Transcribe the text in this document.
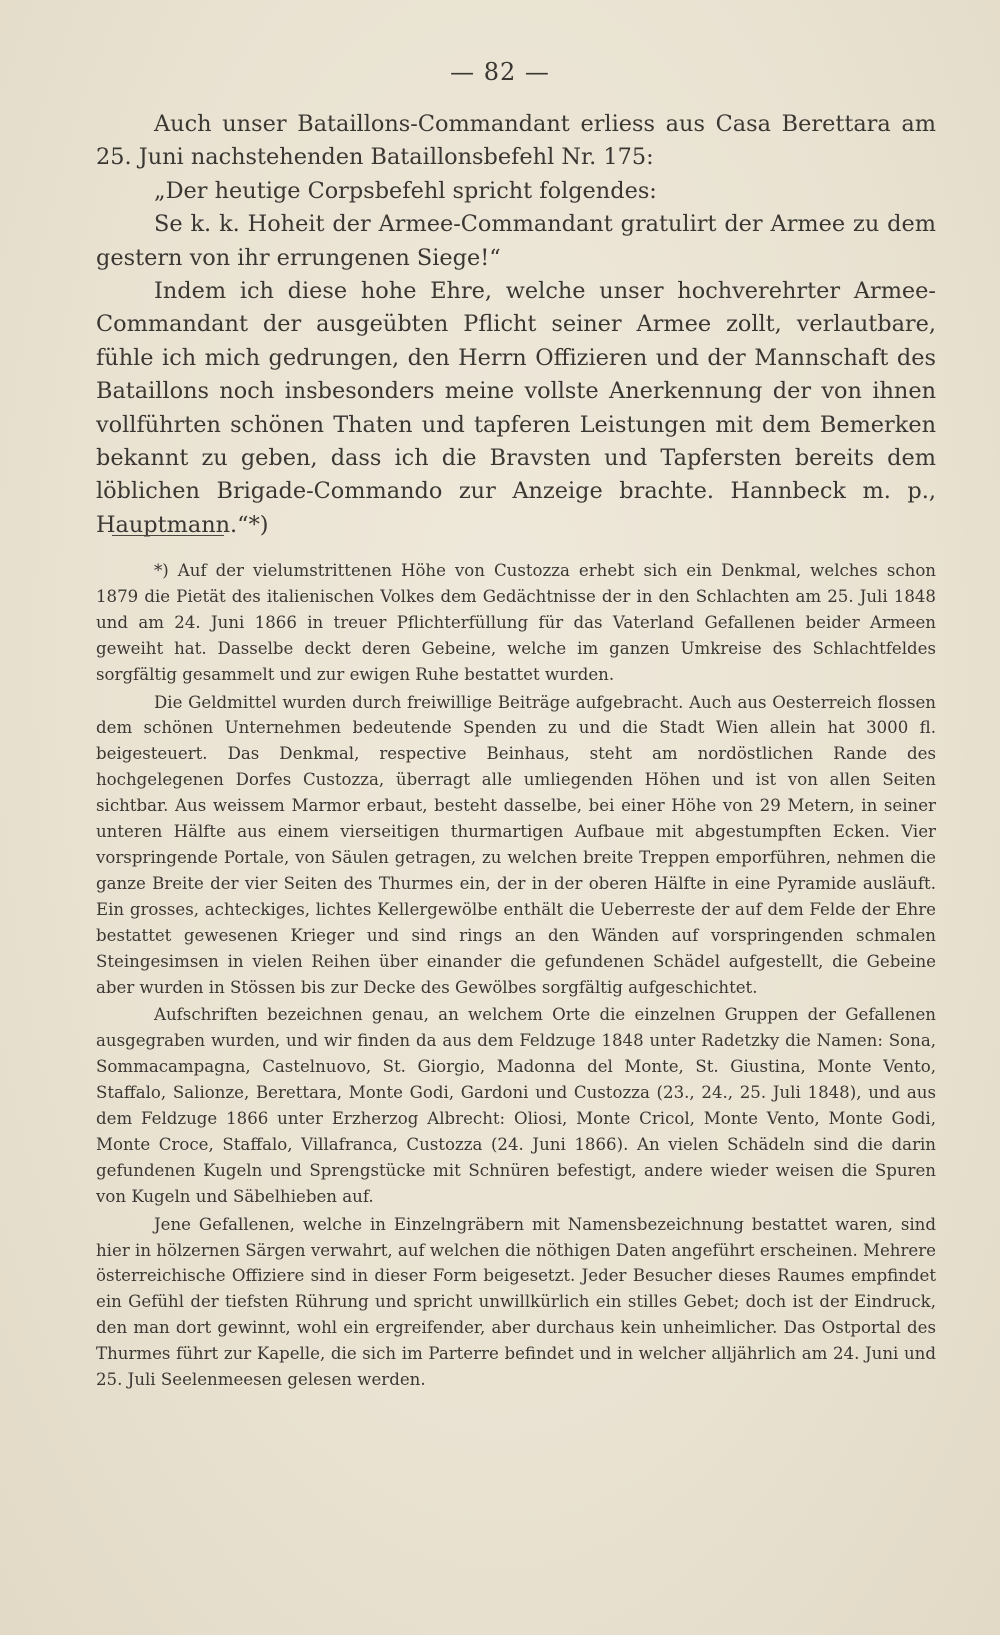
— 82 —

Auch unser Bataillons-Commandant erliess aus Casa Berettara am 25. Juni nachstehenden Bataillonsbefehl Nr. 175:

„Der heutige Corpsbefehl spricht folgendes:

Se k. k. Hoheit der Armee-Commandant gratulirt der Armee zu dem gestern von ihr errungenen Siege!“

Indem ich diese hohe Ehre, welche unser hochverehrter Armee-Commandant der ausgeübten Pflicht seiner Armee zollt, verlautbare, fühle ich mich gedrungen, den Herrn Offizieren und der Mannschaft des Bataillons noch insbesonders meine vollste Anerkennung der von ihnen vollführten schönen Thaten und tapferen Leistungen mit dem Bemerken bekannt zu geben, dass ich die Bravsten und Tapfersten bereits dem löblichen Brigade-Commando zur Anzeige brachte. Hannbeck m. p., Hauptmann.“*)

*) Auf der vielumstrittenen Höhe von Custozza erhebt sich ein Denkmal, welches schon 1879 die Pietät des italienischen Volkes dem Gedächtnisse der in den Schlachten am 25. Juli 1848 und am 24. Juni 1866 in treuer Pflichterfüllung für das Vaterland Gefallenen beider Armeen geweiht hat. Dasselbe deckt deren Gebeine, welche im ganzen Umkreise des Schlachtfeldes sorgfältig gesammelt und zur ewigen Ruhe bestattet wurden.

Die Geldmittel wurden durch freiwillige Beiträge aufgebracht. Auch aus Oesterreich flossen dem schönen Unternehmen bedeutende Spenden zu und die Stadt Wien allein hat 3000 fl. beigesteuert. Das Denkmal, respective Beinhaus, steht am nordöstlichen Rande des hochgelegenen Dorfes Custozza, überragt alle umliegenden Höhen und ist von allen Seiten sichtbar. Aus weissem Marmor erbaut, besteht dasselbe, bei einer Höhe von 29 Metern, in seiner unteren Hälfte aus einem vierseitigen thurmartigen Aufbaue mit abgestumpften Ecken. Vier vorspringende Portale, von Säulen getragen, zu welchen breite Treppen emporführen, nehmen die ganze Breite der vier Seiten des Thurmes ein, der in der oberen Hälfte in eine Pyramide ausläuft. Ein grosses, achteckiges, lichtes Kellergewölbe enthält die Ueberreste der auf dem Felde der Ehre bestattet gewesenen Krieger und sind rings an den Wänden auf vorspringenden schmalen Steingesimsen in vielen Reihen über einander die gefundenen Schädel aufgestellt, die Gebeine aber wurden in Stössen bis zur Decke des Gewölbes sorgfältig aufgeschichtet.

Aufschriften bezeichnen genau, an welchem Orte die einzelnen Gruppen der Gefallenen ausgegraben wurden, und wir finden da aus dem Feldzuge 1848 unter Radetzky die Namen: Sona, Sommacampagna, Castelnuovo, St. Giorgio, Madonna del Monte, St. Giustina, Monte Vento, Staffalo, Salionze, Berettara, Monte Godi, Gardoni und Custozza (23., 24., 25. Juli 1848), und aus dem Feldzuge 1866 unter Erzherzog Albrecht: Oliosi, Monte Cricol, Monte Vento, Monte Godi, Monte Croce, Staffalo, Villafranca, Custozza (24. Juni 1866). An vielen Schädeln sind die darin gefundenen Kugeln und Sprengstücke mit Schnüren befestigt, andere wieder weisen die Spuren von Kugeln und Säbelhieben auf.

Jene Gefallenen, welche in Einzelngräbern mit Namensbezeichnung bestattet waren, sind hier in hölzernen Särgen verwahrt, auf welchen die nöthigen Daten angeführt erscheinen. Mehrere österreichische Offiziere sind in dieser Form beigesetzt. Jeder Besucher dieses Raumes empfindet ein Gefühl der tiefsten Rührung und spricht unwillkürlich ein stilles Gebet; doch ist der Eindruck, den man dort gewinnt, wohl ein ergreifender, aber durchaus kein unheimlicher. Das Ostportal des Thurmes führt zur Kapelle, die sich im Parterre befindet und in welcher alljährlich am 24. Juni und 25. Juli Seelenmeesen gelesen werden.
